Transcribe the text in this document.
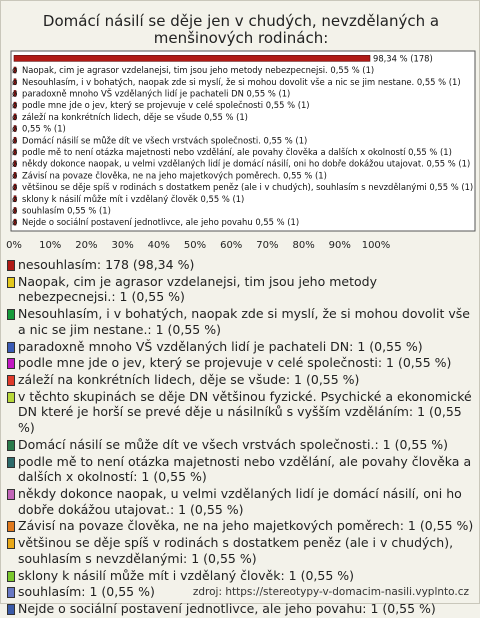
Domácí násilí se děje jen v chudých, nevzdělaných a menšinových rodinách:
98,34 % (178)
ø Naopak, cim je agrasor vzdelanejsi, tim jsou jeho metody nebezpecnejsi. 0,55 % (1)
ø Nesouhlasím, i v bohatých, naopak zde si myslí, že si mohou dovolit vše a nic se jim nestane. 0,55 % (1)
ø paradoxně mnoho VŠ vzdělaných lidí je pachateli DN 0,55 % (1)
ø podle mne jde o jev, který se projevuje v celé společnosti 0,55 % (1)
ø záleží na konkrétních lidech, děje se všude 0,55 % (1)
ø 0,55 % (1)
ø Domácí násilí se může dít ve všech vrstvách společnosti. 0,55 % (1)
ø podle mě to není otázka majetnosti nebo vzdělání, ale povahy člověka a dalších x okolností 0,55 % (1)
ø někdy dokonce naopak, u velmi vzdělaných lidí je domácí násilí, oni ho dobře dokážou utajovat. 0,55 % (1)
ø Závisí na povaze člověka, ne na jeho majetkových poměrech. 0,55 % (1)
ø většinou se děje spíš v rodinách s dostatkem peněz (ale i v chudých), souhlasím s nevzdělanými 0,55 % (1)
ø sklony k násilí může mít i vzdělaný člověk 0,55 % (1)
ø souhlasím 0,55 % (1)
ø Nejde o sociální postavení jednotlivce, ale jeho povahu 0,55 % (1)
0% 10% 20% 30% 40% 50% 60% 70% 80% 90% 100%
nesouhlasím: 178 (98,34 %)
Naopak, cim je agrasor vzdelanejsi, tim jsou jeho metody nebezpecnejsi.: 1 (0,55 %)
Nesouhlasím, i v bohatých, naopak zde si myslí, že si mohou dovolit vše a nic se jim nestane.: 1 (0,55 %)
paradoxně mnoho VŠ vzdělaných lidí je pachateli DN: 1 (0,55 %)
podle mne jde o jev, který se projevuje v celé společnosti: 1 (0,55 %)
záleží na konkrétních lidech, děje se všude: 1 (0,55 %)
v těchto skupinách se děje DN většinou fyzické. Psychické a ekonomické DN které je horší se prevé děje u násilníků s vyšším vzděláním: 1 (0,55 %)
Domácí násilí se může dít ve všech vrstvách společnosti.: 1 (0,55 %)
podle mě to není otázka majetnosti nebo vzdělání, ale povahy člověka a dalších x okolností: 1 (0,55 %)
někdy dokonce naopak, u velmi vzdělaných lidí je domácí násilí, oni ho dobře dokážou utajovat.: 1 (0,55 %)
Závisí na povaze člověka, ne na jeho majetkových poměrech: 1 (0,55 %)
většinou se děje spíš v rodinách s dostatkem peněz (ale i v chudých), souhlasím s nevzdělanými: 1 (0,55 %)
sklony k násilí může mít i vzdělaný člověk: 1 (0,55 %)
souhlasím: 1 (0,55 %)
Nejde o sociální postavení jednotlivce, ale jeho povahu: 1 (0,55 %)
zdroj: https://stereotypy-v-domacim-nasili.vyplnto.cz
